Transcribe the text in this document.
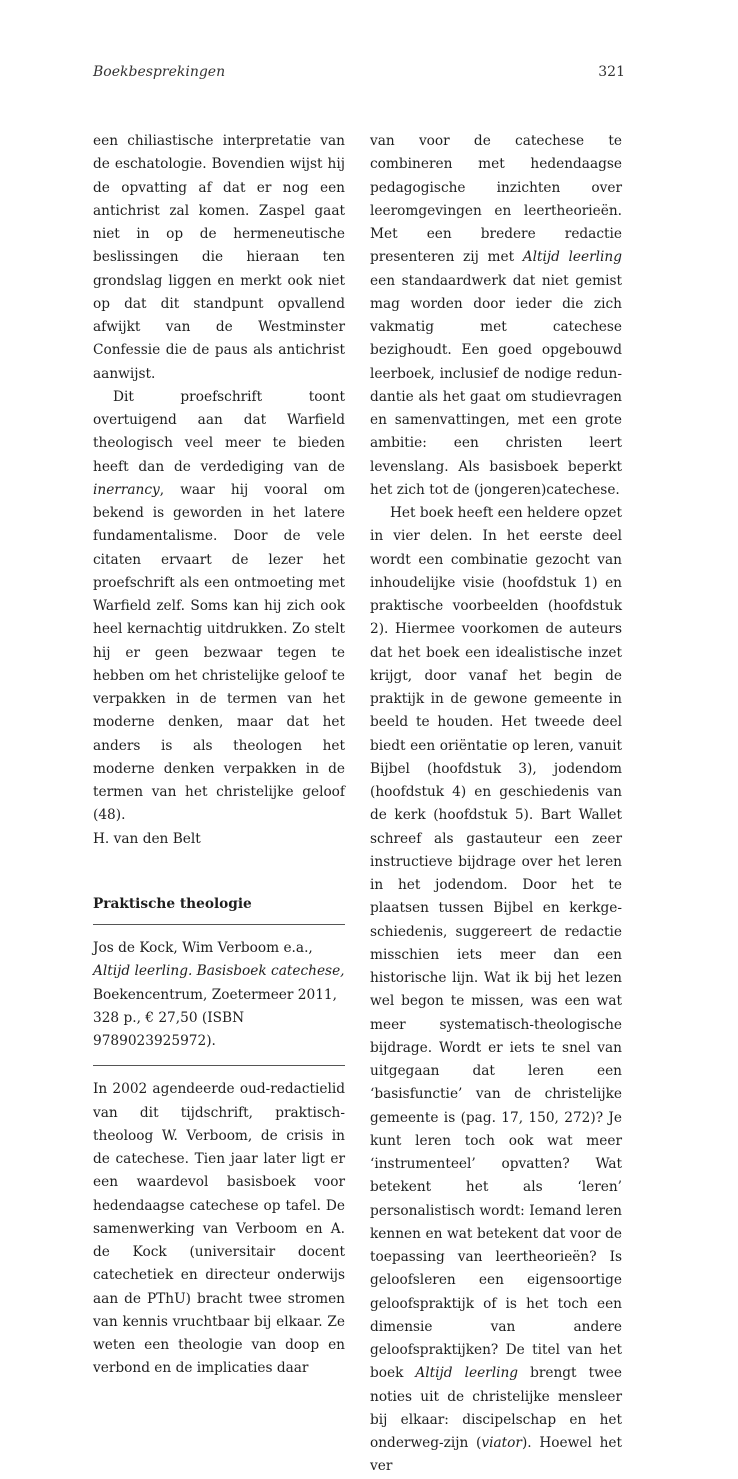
Boekbesprekingen	321

een chiliastische interpretatie van de eschatologie. Bovendien wijst hij de opvatting af dat er nog een antichrist zal komen. Zaspel gaat niet in op de hermeneutische beslissingen die hieraan ten grondslag liggen en merkt ook niet op dat dit standpunt opvallend afwijkt van de Westminster Confessie die de paus als antichrist aanwijst.

Dit proefschrift toont overtuigend aan dat Warfield theologisch veel meer te bieden heeft dan de verdediging van de inerrancy, waar hij vooral om bekend is geworden in het latere fundamentalisme. Door de vele citaten ervaart de lezer het proefschrift als een ontmoeting met Warfield zelf. Soms kan hij zich ook heel kernachtig uitdrukken. Zo stelt hij er geen bezwaar tegen te hebben om het christelijke geloof te verpakken in de termen van het moderne denken, maar dat het anders is als theologen het moderne denken verpakken in de termen van het christelijke geloof (48).

H. van den Belt

Praktische theologie

Jos de Kock, Wim Verboom e.a., Altijd leerling. Basisboek catechese, Boekencentrum, Zoetermeer 2011, 328 p., € 27,50 (ISBN 9789023925972).

In 2002 agendeerde oud-redactielid van dit tijdschrift, praktisch-theoloog W. Verboom, de crisis in de catechese. Tien jaar later ligt er een waardevol basisboek voor hedendaagse catechese op tafel. De samenwerking van Verboom en A. de Kock (universitair docent catechetiek en directeur onderwijs aan de PThU) bracht twee stromen van kennis vruchtbaar bij elkaar. Ze weten een theologie van doop en verbond en de implicaties daar

van voor de catechese te combineren met hedendaagse pedagogische inzichten over leeromgevingen en leertheorieën. Met een bredere redactie presenteren zij met Altijd leerling een standaardwerk dat niet gemist mag worden door ieder die zich vakmatig met catechese bezighoudt. Een goed opgebouwd leerboek, inclusief de nodige redundantie als het gaat om studievragen en samenvattingen, met een grote ambitie: een christen leert levenslang. Als basisboek beperkt het zich tot de (jongeren)catechese.

Het boek heeft een heldere opzet in vier delen. In het eerste deel wordt een combinatie gezocht van inhoudelijke visie (hoofdstuk 1) en praktische voorbeelden (hoofdstuk 2). Hiermee voorkomen de auteurs dat het boek een idealistische inzet krijgt, door vanaf het begin de praktijk in de gewone gemeente in beeld te houden. Het tweede deel biedt een oriëntatie op leren, vanuit Bijbel (hoofdstuk 3), jodendom (hoofdstuk 4) en geschiedenis van de kerk (hoofdstuk 5). Bart Wallet schreef als gastauteur een zeer instructieve bijdrage over het leren in het jodendom. Door het te plaatsen tussen Bijbel en kerkgeschiedenis, suggereert de redactie misschien iets meer dan een historische lijn. Wat ik bij het lezen wel begon te missen, was een wat meer systematisch-theologische bijdrage. Wordt er iets te snel van uitgegaan dat leren een ‘basisfunctie’ van de christelijke gemeente is (pag. 17, 150, 272)? Je kunt leren toch ook wat meer ‘instrumenteel’ opvatten? Wat betekent het als ‘leren’ personalistisch wordt: Iemand leren kennen en wat betekent dat voor de toepassing van leertheorieën? Is geloofsleren een eigensoortige geloofspraktijk of is het toch een dimensie van andere geloofspraktijken? De titel van het boek Altijd leerling brengt twee noties uit de christelijke mensleer bij elkaar: discipelschap en het onderweg-zijn (viator). Hoewel het ver
